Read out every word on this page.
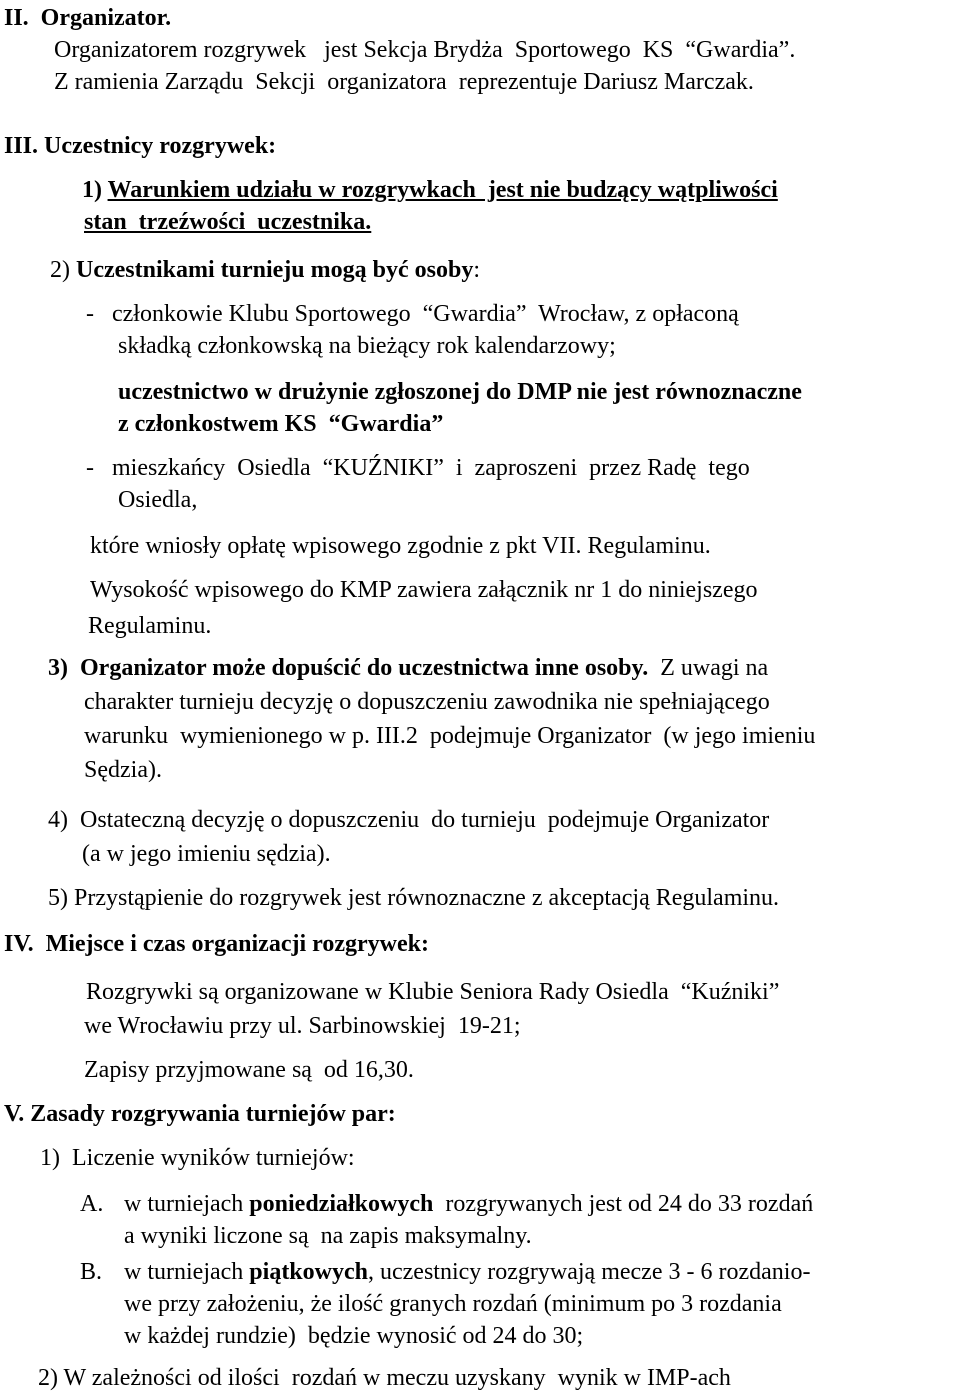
II.  Organizator.
Organizatorem rozgrywek   jest Sekcja Brydża  Sportowego  KS  “Gwardia”.
Z ramienia Zarządu  Sekcji  organizatora  reprezentuje Dariusz Marczak.
III. Uczestnicy rozgrywek:
1) Warunkiem udziału w rozgrywkach  jest nie budzący wątpliwości
stan  trzeźwości  uczestnika.
2) Uczestnikami turnieju mogą być osoby:
-   członkowie Klubu Sportowego  “Gwardia”  Wrocław, z opłaconą
składką członkowską na bieżący rok kalendarzowy;
uczestnictwo w drużynie zgłoszonej do DMP nie jest równoznaczne
z członkostwem KS  “Gwardia”
-   mieszkańcy  Osiedla  “KUŹNIKI”  i  zaproszeni  przez Radę  tego
Osiedla,
które wniosły opłatę wpisowego zgodnie z pkt VII. Regulaminu.
Wysokość wpisowego do KMP zawiera załącznik nr 1 do niniejszego
Regulaminu.
3)  Organizator może dopuścić do uczestnictwa inne osoby.  Z uwagi na
charakter turnieju decyzję o dopuszczeniu zawodnika nie spełniającego
warunku  wymienionego w p. III.2  podejmuje Organizator  (w jego imieniu
Sędzia).
4)  Ostateczną decyzję o dopuszczeniu  do turnieju  podejmuje Organizator
(a w jego imieniu sędzia).
5) Przystąpienie do rozgrywek jest równoznaczne z akceptacją Regulaminu.
IV.  Miejsce i czas organizacji rozgrywek:
Rozgrywki są organizowane w Klubie Seniora Rady Osiedla  “Kuźniki”
we Wrocławiu przy ul. Sarbinowskiej  19-21;
Zapisy przyjmowane są  od 16,30.
V. Zasady rozgrywania turniejów par:
1)  Liczenie wyników turniejów:
A. w turniejach poniedziałkowych  rozgrywanych jest od 24 do 33 rozdań
a wyniki liczone są  na zapis maksymalny.
B. w turniejach piątkowych, uczestnicy rozgrywają mecze 3 - 6 rozdanio-
we przy założeniu, że ilość granych rozdań (minimum po 3 rozdania
w każdej rundzie)  będzie wynosić od 24 do 30;
2) W zależności od ilości  rozdań w meczu uzyskany  wynik w IMP-ach
